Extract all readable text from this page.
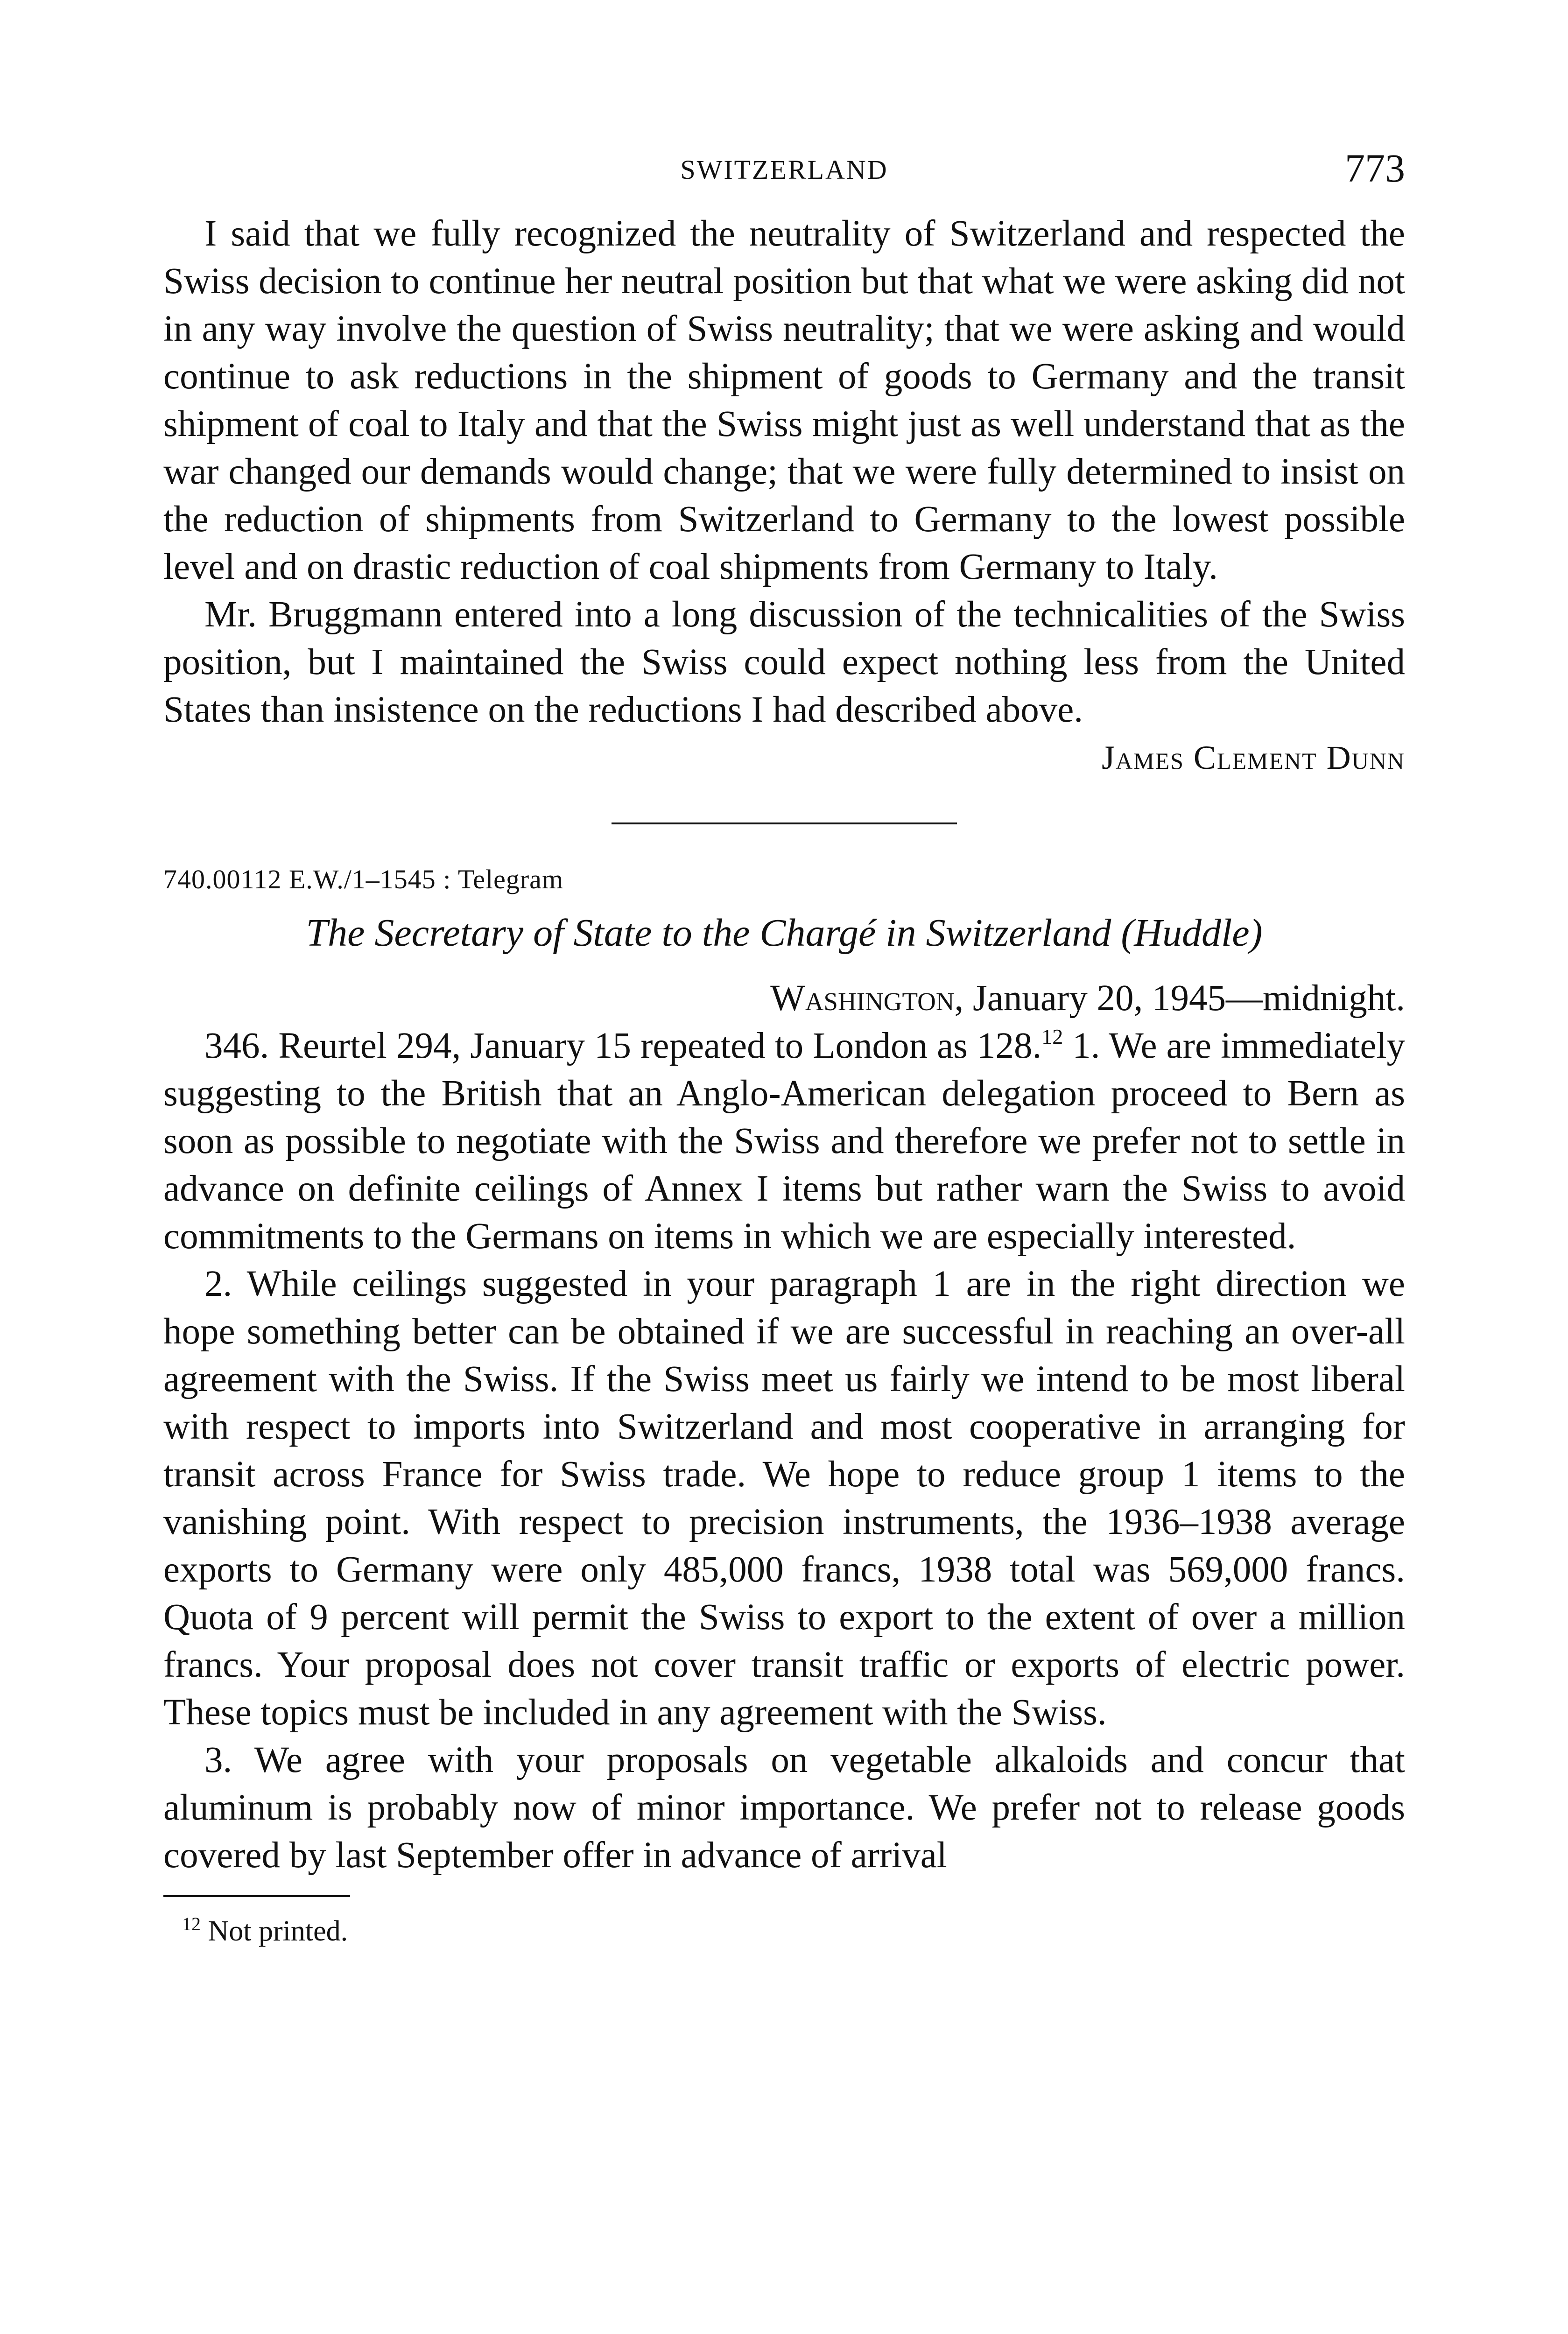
SWITZERLAND	773

I said that we fully recognized the neutrality of Switzerland and respected the Swiss decision to continue her neutral position but that what we were asking did not in any way involve the question of Swiss neutrality; that we were asking and would continue to ask reductions in the shipment of goods to Germany and the transit shipment of coal to Italy and that the Swiss might just as well understand that as the war changed our demands would change; that we were fully determined to insist on the reduction of shipments from Switzerland to Germany to the lowest possible level and on drastic reduction of coal shipments from Germany to Italy.

Mr. Bruggmann entered into a long discussion of the technicalities of the Swiss position, but I maintained the Swiss could expect nothing less from the United States than insistence on the reductions I had described above.

James Clement Dunn

740.00112 E.W./1–1545 : Telegram
The Secretary of State to the Chargé in Switzerland (Huddle)
Washington, January 20, 1945—midnight.

346. Reurtel 294, January 15 repeated to London as 128.12 1. We are immediately suggesting to the British that an Anglo-American delegation proceed to Bern as soon as possible to negotiate with the Swiss and therefore we prefer not to settle in advance on definite ceilings of Annex I items but rather warn the Swiss to avoid commitments to the Germans on items in which we are especially interested.

2. While ceilings suggested in your paragraph 1 are in the right direction we hope something better can be obtained if we are successful in reaching an over-all agreement with the Swiss. If the Swiss meet us fairly we intend to be most liberal with respect to imports into Switzerland and most cooperative in arranging for transit across France for Swiss trade. We hope to reduce group 1 items to the vanishing point. With respect to precision instruments, the 1936–1938 average exports to Germany were only 485,000 francs, 1938 total was 569,000 francs. Quota of 9 percent will permit the Swiss to export to the extent of over a million francs. Your proposal does not cover transit traffic or exports of electric power. These topics must be included in any agreement with the Swiss.

3. We agree with your proposals on vegetable alkaloids and concur that aluminum is probably now of minor importance. We prefer not to release goods covered by last September offer in advance of arrival

$^{12}$ Not printed.
